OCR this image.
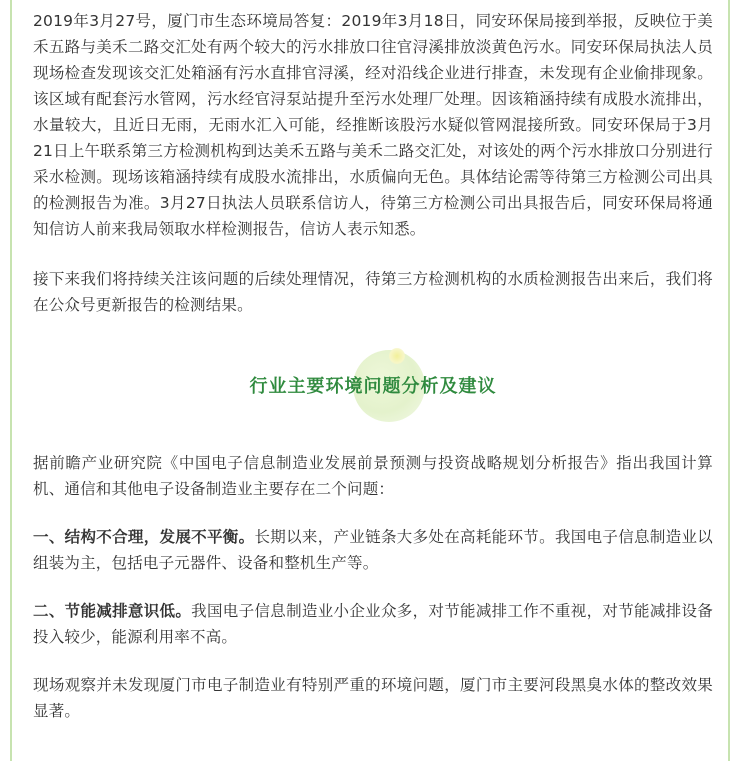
2019年3月27号，厦门市生态环境局答复：2019年3月18日，同安环保局接到举报，反映位于美禾五路与美禾二路交汇处有两个较大的污水排放口往官浔溪排放淡黄色污水。同安环保局执法人员现场检查发现该交汇处箱涵有污水直排官浔溪，经对沿线企业进行排查，未发现有企业偷排现象。该区域有配套污水管网，污水经官浔泵站提升至污水处理厂处理。因该箱涵持续有成股水流排出，水量较大，且近日无雨，无雨水汇入可能，经推断该股污水疑似管网混接所致。同安环保局于3月21日上午联系第三方检测机构到达美禾五路与美禾二路交汇处，对该处的两个污水排放口分别进行采水检测。现场该箱涵持续有成股水流排出，水质偏向无色。具体结论需等待第三方检测公司出具的检测报告为准。3月27日执法人员联系信访人，待第三方检测公司出具报告后，同安环保局将通知信访人前来我局领取水样检测报告，信访人表示知悉。

接下来我们将持续关注该问题的后续处理情况，待第三方检测机构的水质检测报告出来后，我们将在公众号更新报告的检测结果。

行业主要环境问题分析及建议

据前瞻产业研究院《中国电子信息制造业发展前景预测与投资战略规划分析报告》指出我国计算机、通信和其他电子设备制造业主要存在二个问题：

一、结构不合理，发展不平衡。长期以来，产业链条大多处在高耗能环节。我国电子信息制造业以组装为主，包括电子元器件、设备和整机生产等。

二、节能减排意识低。我国电子信息制造业小企业众多，对节能减排工作不重视，对节能减排设备投入较少，能源利用率不高。

现场观察并未发现厦门市电子制造业有特别严重的环境问题，厦门市主要河段黑臭水体的整改效果显著。
